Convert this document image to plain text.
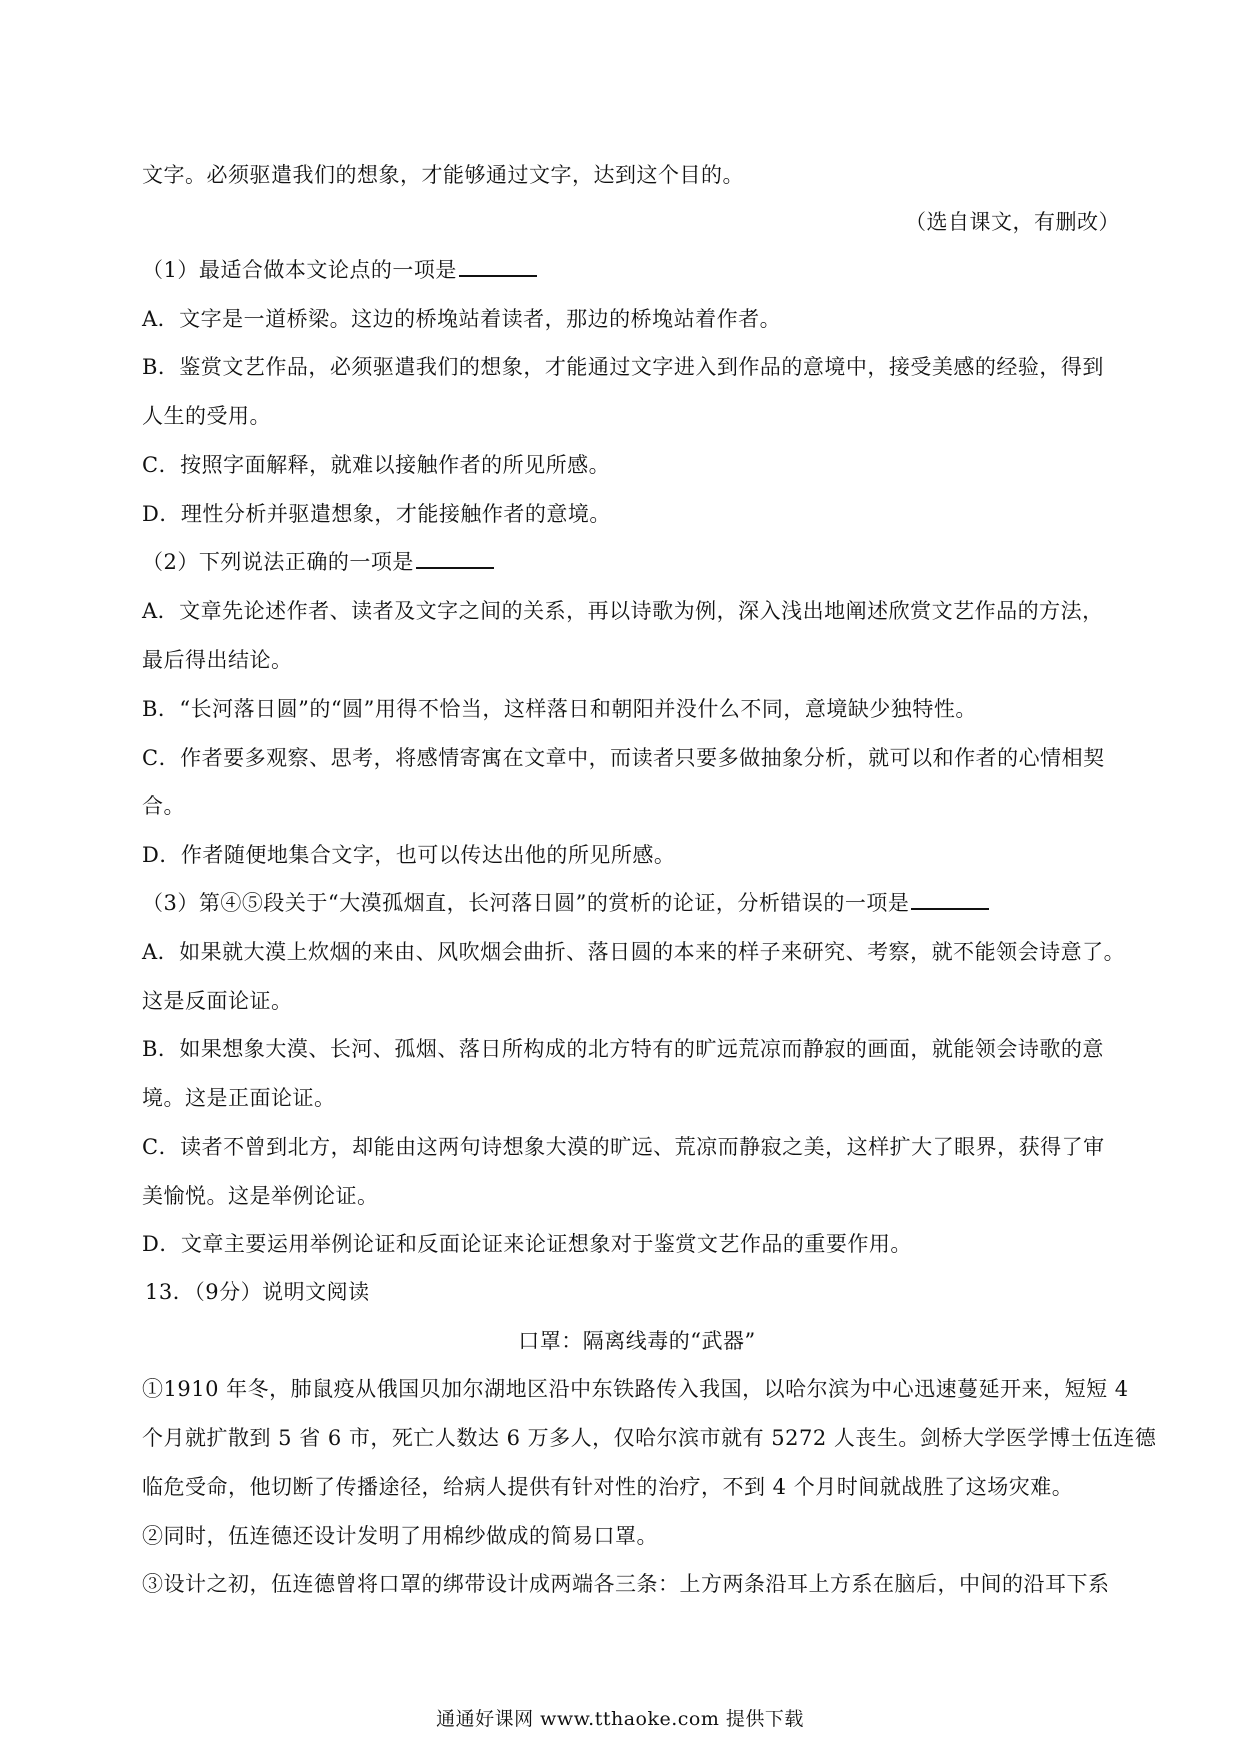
文字。必须驱遣我们的想象，才能够通过文字，达到这个目的。
（选自课文，有删改）
（1）最适合做本文论点的一项是
A．文字是一道桥梁。这边的桥堍站着读者，那边的桥堍站着作者。
B．鉴赏文艺作品，必须驱遣我们的想象，才能通过文字进入到作品的意境中，接受美感的经验，得到
人生的受用。
C．按照字面解释，就难以接触作者的所见所感。
D．理性分析并驱遣想象，才能接触作者的意境。
（2）下列说法正确的一项是
A．文章先论述作者、读者及文字之间的关系，再以诗歌为例，深入浅出地阐述欣赏文艺作品的方法，
最后得出结论。
B．“长河落日圆”的“圆”用得不恰当，这样落日和朝阳并没什么不同，意境缺少独特性。
C．作者要多观察、思考，将感情寄寓在文章中，而读者只要多做抽象分析，就可以和作者的心情相契
合。
D．作者随便地集合文字，也可以传达出他的所见所感。
（3）第④⑤段关于“大漠孤烟直，长河落日圆”的赏析的论证，分析错误的一项是
A．如果就大漠上炊烟的来由、风吹烟会曲折、落日圆的本来的样子来研究、考察，就不能领会诗意了。
这是反面论证。
B．如果想象大漠、长河、孤烟、落日所构成的北方特有的旷远荒凉而静寂的画面，就能领会诗歌的意
境。这是正面论证。
C．读者不曾到北方，却能由这两句诗想象大漠的旷远、荒凉而静寂之美，这样扩大了眼界，获得了审
美愉悦。这是举例论证。
D．文章主要运用举例论证和反面论证来论证想象对于鉴赏文艺作品的重要作用。
13．（9分）说明文阅读
口罩：隔离线毒的“武器”
①1910 年冬，肺鼠疫从俄国贝加尔湖地区沿中东铁路传入我国，以哈尔滨为中心迅速蔓延开来，短短 4
个月就扩散到 5 省 6 市，死亡人数达 6 万多人，仅哈尔滨市就有 5272 人丧生。剑桥大学医学博士伍连德
临危受命，他切断了传播途径，给病人提供有针对性的治疗，不到 4 个月时间就战胜了这场灾难。
②同时，伍连德还设计发明了用棉纱做成的简易口罩。
③设计之初，伍连德曾将口罩的绑带设计成两端各三条：上方两条沿耳上方系在脑后，中间的沿耳下系
通通好课网 www.tthaoke.com 提供下载
